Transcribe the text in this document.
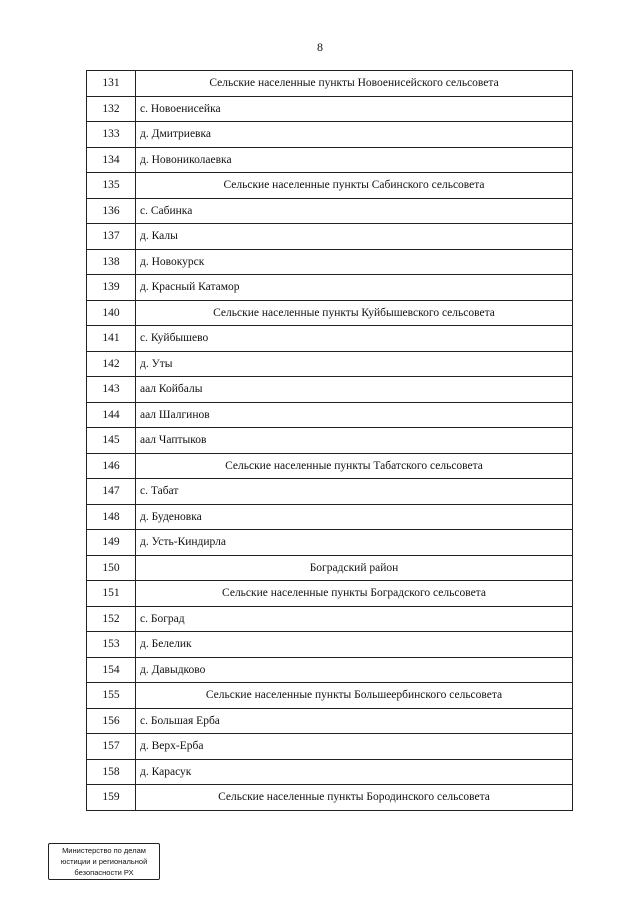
8
131	Сельские населенные пункты Новоенисейского сельсовета
132	с. Новоенисейка
133	д. Дмитриевка
134	д. Новониколаевка
135	Сельские населенные пункты Сабинского сельсовета
136	с. Сабинка
137	д. Калы
138	д. Новокурск
139	д. Красный Катамор
140	Сельские населенные пункты Куйбышевского сельсовета
141	с. Куйбышево
142	д. Уты
143	аал Койбалы
144	аал Шалгинов
145	аал Чаптыков
146	Сельские населенные пункты Табатского сельсовета
147	с. Табат
148	д. Буденовка
149	д. Усть-Киндирла
150	Боградский район
151	Сельские населенные пункты Боградского сельсовета
152	с. Боград
153	д. Белелик
154	д. Давыдково
155	Сельские населенные пункты Большеербинского сельсовета
156	с. Большая Ерба
157	д. Верх-Ерба
158	д. Карасук
159	Сельские населенные пункты Бородинского сельсовета
Министерство по делам
юстиции и региональной
безопасности РХ
